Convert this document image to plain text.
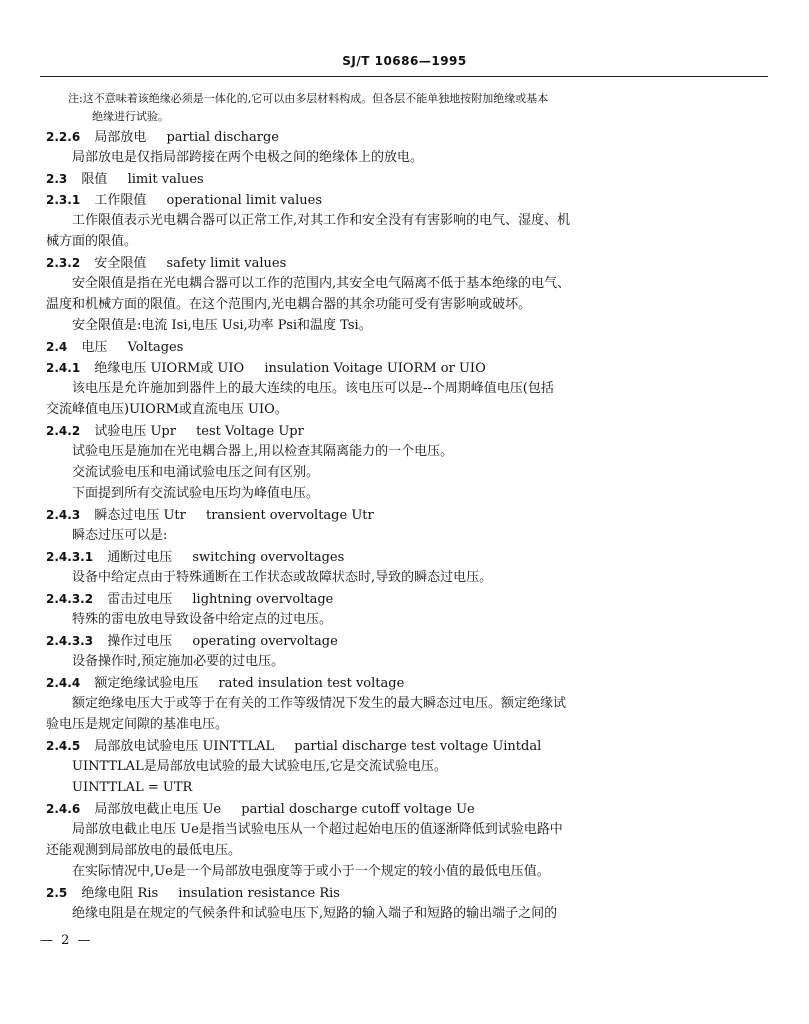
SJ/T 10686—1995
注:这不意味着该绝缘必须是一体化的,它可以由多层材料构成。但各层不能单独地按附加绝缘或基本
绝缘进行试验。
2.2.6 局部放电 partial discharge
局部放电是仅指局部跨接在两个电极之间的绝缘体上的放电。
2.3 限值 limit values
2.3.1 工作限值 operational limit values
工作限值表示光电耦合器可以正常工作,对其工作和安全没有有害影响的电气、湿度、机
械方面的限值。
2.3.2 安全限值 safety limit values
安全限值是指在光电耦合器可以工作的范围内,其安全电气隔离不低于基本绝缘的电气、
温度和机械方面的限值。在这个范围内,光电耦合器的其余功能可受有害影响或破坏。
安全限值是:电流 Isi,电压 Usi,功率 Psi和温度 Tsi。
2.4 电压 Voltages
2.4.1 绝缘电压 UIORM或 UIO insulation Voitage UIORM or UIO
该电压是允许施加到器件上的最大连续的电压。该电压可以是--个周期峰值电压(包括
交流峰值电压)UIORM或直流电压 UIO。
2.4.2 试验电压 Upr test Voltage Upr
试验电压是施加在光电耦合器上,用以检查其隔离能力的一个电压。
交流试验电压和电涌试验电压之间有区别。
下面提到所有交流试验电压均为峰值电压。
2.4.3 瞬态过电压 Utr transient overvoltage Utr
瞬态过压可以是:
2.4.3.1 通断过电压 switching overvoltages
设备中给定点由于特殊通断在工作状态或故障状态时,导致的瞬态过电压。
2.4.3.2 雷击过电压 lightning overvoltage
特殊的雷电放电导致设备中给定点的过电压。
2.4.3.3 操作过电压 operating overvoltage
设备操作时,预定施加必要的过电压。
2.4.4 额定绝缘试验电压 rated insulation test voltage
额定绝缘电压大于或等于在有关的工作等级情况下发生的最大瞬态过电压。额定绝缘试
验电压是规定间隙的基准电压。
2.4.5 局部放电试验电压 UINTTLAL partial discharge test voltage Uintdal
UINTTLAL是局部放电试验的最大试验电压,它是交流试验电压。
UINTTLAL = UTR
2.4.6 局部放电截止电压 Ue partial doscharge cutoff voltage Ue
局部放电截止电压 Ue是指当试验电压从一个超过起始电压的值逐渐降低到试验电路中
还能观测到局部放电的最低电压。
在实际情况中,Ue是一个局部放电强度等于或小于一个规定的较小值的最低电压值。
2.5 绝缘电阻 Ris insulation resistance Ris
绝缘电阻是在规定的气候条件和试验电压下,短路的输入端子和短路的输出端子之间的
— 2 —
